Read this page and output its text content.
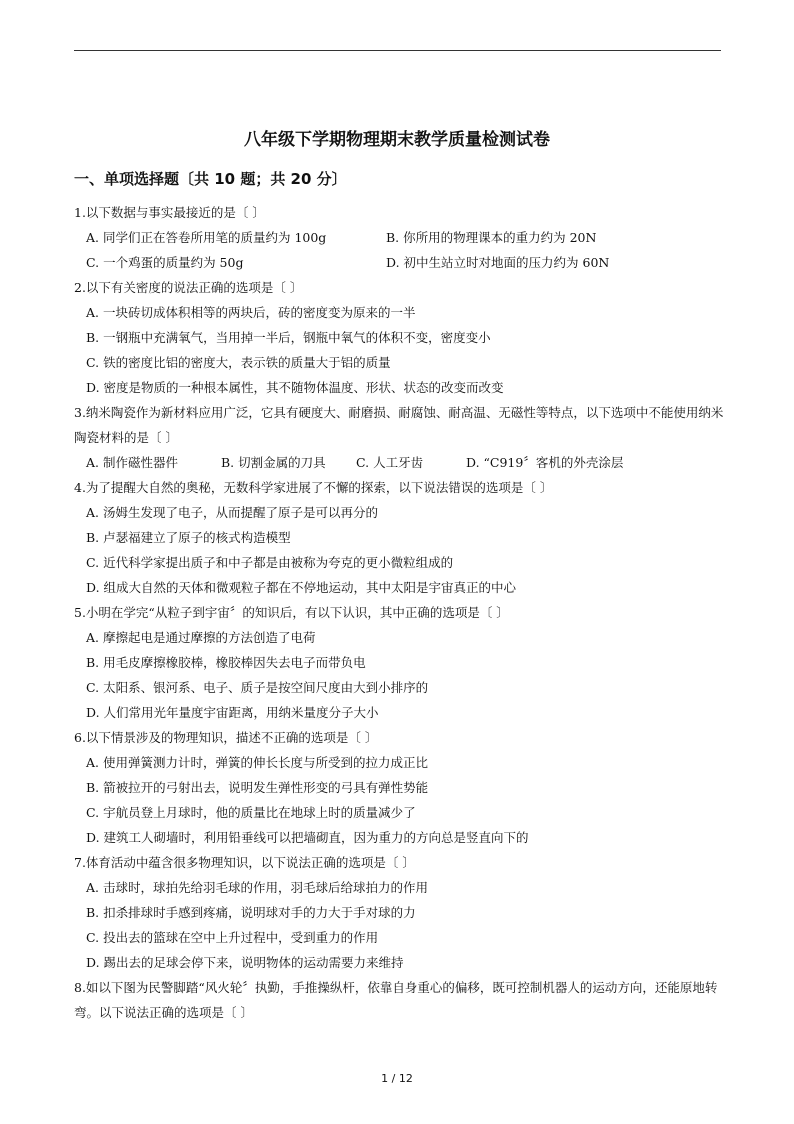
八年级下学期物理期末教学质量检测试卷
一、单项选择题〔共 10 题；共 20 分〕

1.以下数据与事实最接近的是〔 〕

A. 同学们正在答卷所用笔的质量约为 100g	B. 你所用的物理课本的重力约为 20N
C. 一个鸡蛋的质量约为 50g	D. 初中生站立时对地面的压力约为 60N

2.以下有关密度的说法正确的选项是〔 〕

A. 一块砖切成体积相等的两块后，砖的密度变为原来的一半

B. 一钢瓶中充满氧气，当用掉一半后，钢瓶中氧气的体积不变，密度变小

C. 铁的密度比铝的密度大，表示铁的质量大于铝的质量

D. 密度是物质的一种根本属性，其不随物体温度、形状、状态的改变而改变

3.纳米陶瓷作为新材料应用广泛，它具有硬度大、耐磨损、耐腐蚀、耐高温、无磁性等特点，以下选项中不能使用纳米陶瓷材料的是〔 〕

A. 制作磁性器件	B. 切割金属的刀具	C. 人工牙齿	D. “C919〞客机的外壳涂层

4.为了提醒大自然的奥秘，无数科学家进展了不懈的探索，以下说法错误的选项是〔 〕

A. 汤姆生发现了电子，从而提醒了原子是可以再分的

B. 卢瑟福建立了原子的核式构造模型

C. 近代科学家提出质子和中子都是由被称为夸克的更小微粒组成的

D. 组成大自然的天体和微观粒子都在不停地运动，其中太阳是宇宙真正的中心

5.小明在学完“从粒子到宇宙〞的知识后，有以下认识，其中正确的选项是〔 〕

A. 摩擦起电是通过摩擦的方法创造了电荷

B. 用毛皮摩擦橡胶棒，橡胶棒因失去电子而带负电

C. 太阳系、银河系、电子、质子是按空间尺度由大到小排序的

D. 人们常用光年量度宇宙距离，用纳米量度分子大小

6.以下情景涉及的物理知识，描述不正确的选项是〔 〕

A. 使用弹簧测力计时，弹簧的伸长长度与所受到的拉力成正比

B. 箭被拉开的弓射出去，说明发生弹性形变的弓具有弹性势能

C. 宇航员登上月球时，他的质量比在地球上时的质量减少了

D. 建筑工人砌墙时，利用铅垂线可以把墙砌直，因为重力的方向总是竖直向下的

7.体育活动中蕴含很多物理知识，以下说法正确的选项是〔 〕

A. 击球时，球拍先给羽毛球的作用，羽毛球后给球拍力的作用

B. 扣杀排球时手感到疼痛，说明球对手的力大于手对球的力

C. 投出去的篮球在空中上升过程中，受到重力的作用

D. 踢出去的足球会停下来，说明物体的运动需要力来维持

8.如以下图为民警脚踏“风火轮〞执勤，手推操纵杆，依靠自身重心的偏移，既可控制机器人的运动方向，还能原地转弯。以下说法正确的选项是〔 〕

1 / 12
